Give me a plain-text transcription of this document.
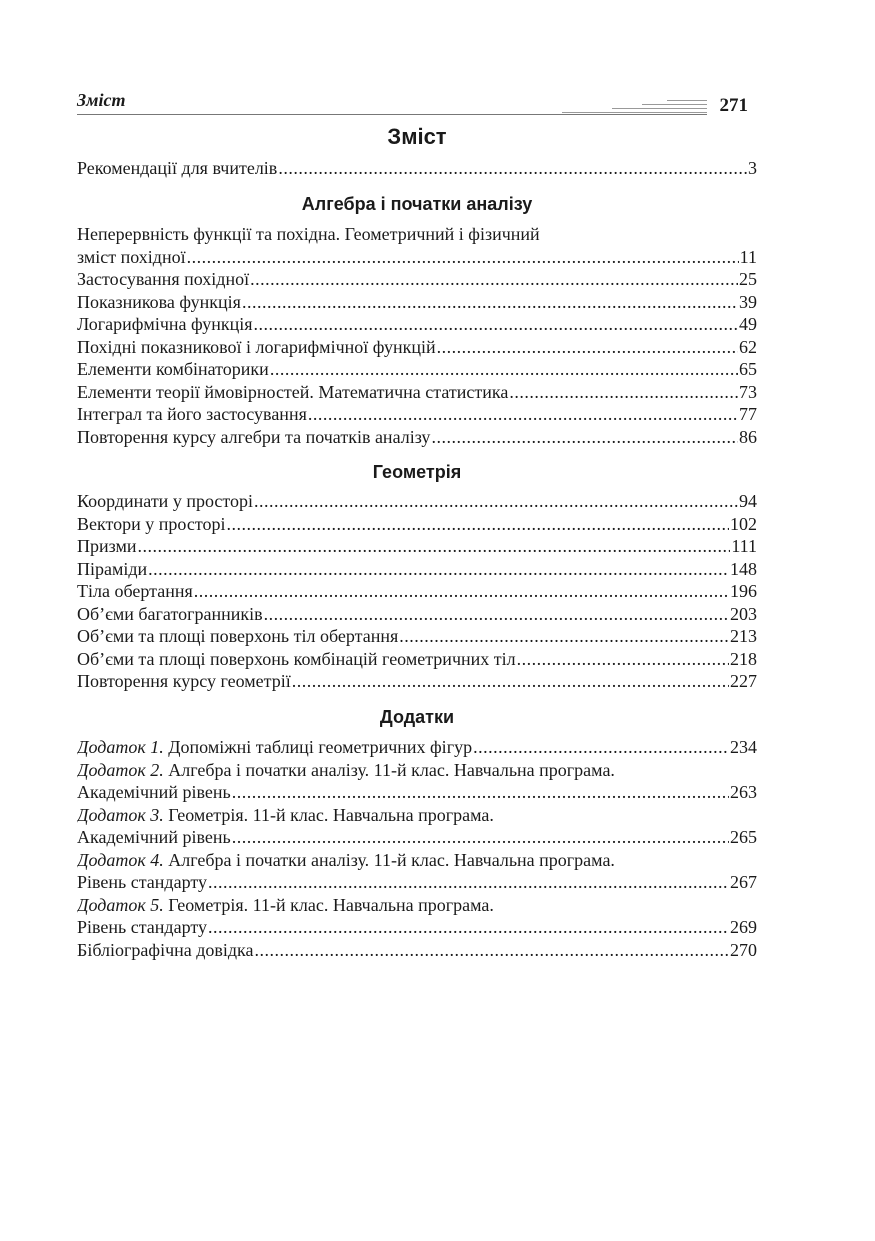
Зміст	271
Зміст
Рекомендації для вчителів .....	3
Алгебра і початки аналізу
Неперервність функції та похідна. Геометричний і фізичний
зміст похідної .....	11
Застосування похідної .....	25
Показникова функція .....	39
Логарифмічна функція .....	49
Похідні показникової і логарифмічної функцій .....	62
Елементи комбінаторики .....	65
Елементи теорії ймовірностей. Математична статистика .....	73
Інтеграл та його застосування .....	77
Повторення курсу алгебри та початків аналізу .....	86
Геометрія
Координати у просторі .....	94
Вектори у просторі .....	102
Призми .....	111
Піраміди .....	148
Тіла обертання .....	196
Об’єми багатогранників .....	203
Об’єми та площі поверхонь тіл обертання .....	213
Об’єми та площі поверхонь комбінацій геометричних тіл .....	218
Повторення курсу геометрії .....	227
Додатки
Додаток 1. Допоміжні таблиці геометричних фігур .....	234
Додаток 2. Алгебра і початки аналізу. 11-й клас. Навчальна програма.
Академічний рівень .....	263
Додаток 3. Геометрія. 11-й клас. Навчальна програма.
Академічний рівень .....	265
Додаток 4. Алгебра і початки аналізу. 11-й клас. Навчальна програма.
Рівень стандарту .....	267
Додаток 5. Геометрія. 11-й клас. Навчальна програма.
Рівень стандарту .....	269
Бібліографічна довідка .....	270
